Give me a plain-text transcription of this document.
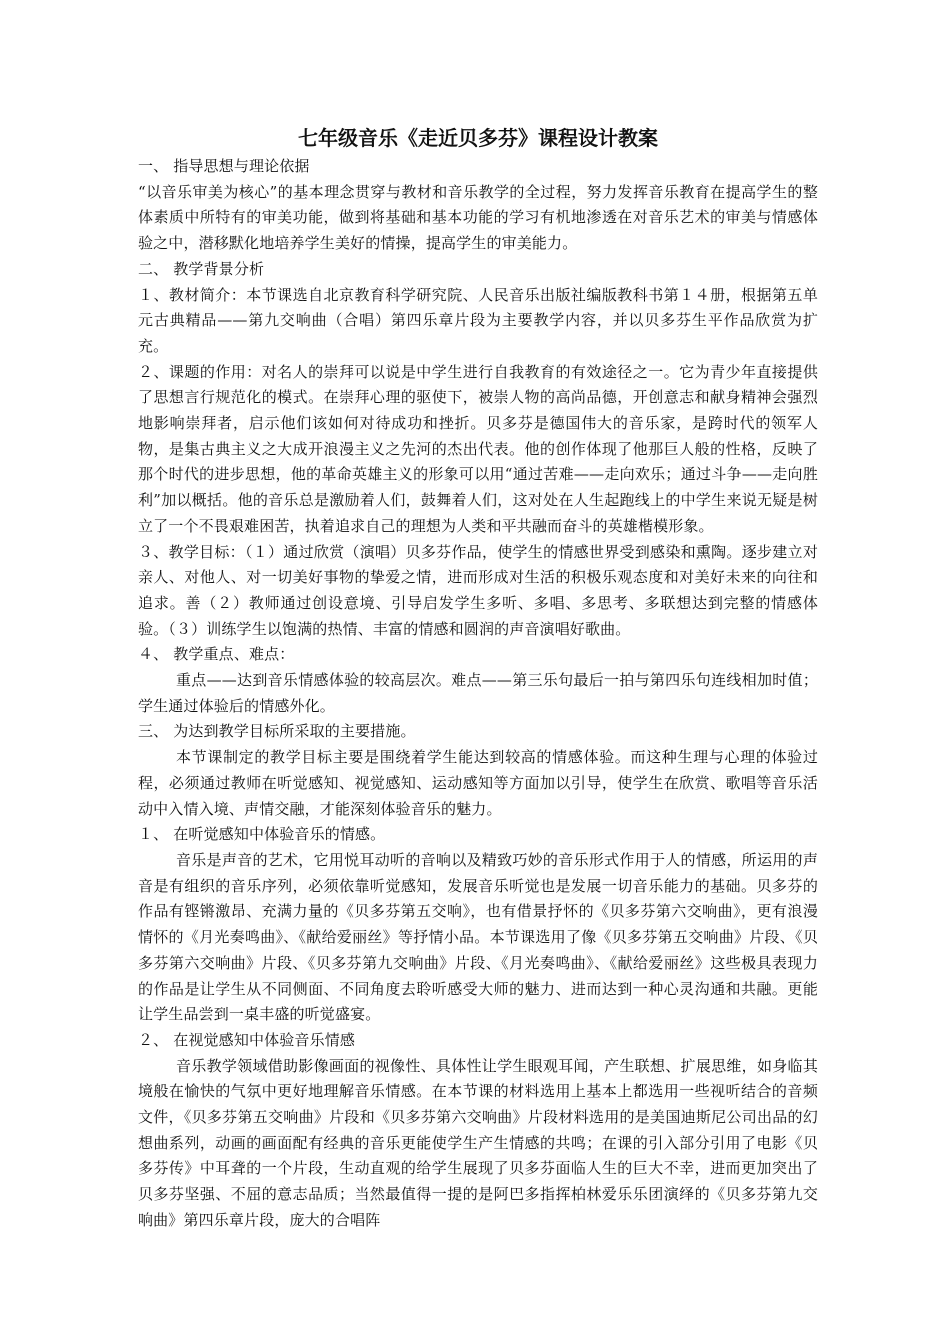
七年级音乐《走近贝多芬》课程设计教案

一、 指导思想与理论依据

“以音乐审美为核心”的基本理念贯穿与教材和音乐教学的全过程，努力发挥音乐教育在提高学生的整体素质中所特有的审美功能，做到将基础和基本功能的学习有机地渗透在对音乐艺术的审美与情感体验之中，潜移默化地培养学生美好的情操，提高学生的审美能力。

二、 教学背景分析

１、教材简介：本节课选自北京教育科学研究院、人民音乐出版社编版教科书第１４册，根据第五单元古典精品——第九交响曲（合唱）第四乐章片段为主要教学内容，并以贝多芬生平作品欣赏为扩充。

２、课题的作用：对名人的崇拜可以说是中学生进行自我教育的有效途径之一。它为青少年直接提供了思想言行规范化的模式。在崇拜心理的驱使下，被崇人物的高尚品德，开创意志和献身精神会强烈地影响崇拜者，启示他们该如何对待成功和挫折。贝多芬是德国伟大的音乐家，是跨时代的领军人物，是集古典主义之大成开浪漫主义之先河的杰出代表。他的创作体现了他那巨人般的性格，反映了那个时代的进步思想，他的革命英雄主义的形象可以用“通过苦难——走向欢乐；通过斗争——走向胜利”加以概括。他的音乐总是激励着人们，鼓舞着人们，这对处在人生起跑线上的中学生来说无疑是树立了一个不畏艰难困苦，执着追求自己的理想为人类和平共融而奋斗的英雄楷模形象。

３、教学目标：（１）通过欣赏（演唱）贝多芬作品，使学生的情感世界受到感染和熏陶。逐步建立对亲人、对他人、对一切美好事物的挚爱之情，进而形成对生活的积极乐观态度和对美好未来的向往和追求。善（２）教师通过创设意境、引导启发学生多听、多唱、多思考、多联想达到完整的情感体验。（３）训练学生以饱满的热情、丰富的情感和圆润的声音演唱好歌曲。

４、 教学重点、难点：

重点——达到音乐情感体验的较高层次。难点——第三乐句最后一拍与第四乐句连线相加时值；学生通过体验后的情感外化。

三、 为达到教学目标所采取的主要措施。

本节课制定的教学目标主要是围绕着学生能达到较高的情感体验。而这种生理与心理的体验过程，必须通过教师在听觉感知、视觉感知、运动感知等方面加以引导，使学生在欣赏、歌唱等音乐活动中入情入境、声情交融，才能深刻体验音乐的魅力。

１、 在听觉感知中体验音乐的情感。

音乐是声音的艺术，它用悦耳动听的音响以及精致巧妙的音乐形式作用于人的情感，所运用的声音是有组织的音乐序列，必须依靠听觉感知，发展音乐听觉也是发展一切音乐能力的基础。贝多芬的作品有铿锵激昂、充满力量的《贝多芬第五交响》，也有借景抒怀的《贝多芬第六交响曲》，更有浪漫情怀的《月光奏鸣曲》、《献给爱丽丝》等抒情小品。本节课选用了像《贝多芬第五交响曲》片段、《贝多芬第六交响曲》片段、《贝多芬第九交响曲》片段、《月光奏鸣曲》、《献给爱丽丝》这些极具表现力的作品是让学生从不同侧面、不同角度去聆听感受大师的魅力、进而达到一种心灵沟通和共融。更能让学生品尝到一桌丰盛的听觉盛宴。

２、 在视觉感知中体验音乐情感

音乐教学领域借助影像画面的视像性、具体性让学生眼观耳闻，产生联想、扩展思维，如身临其境般在愉快的气氛中更好地理解音乐情感。在本节课的材料选用上基本上都选用一些视听结合的音频文件，《贝多芬第五交响曲》片段和《贝多芬第六交响曲》片段材料选用的是美国迪斯尼公司出品的幻想曲系列，动画的画面配有经典的音乐更能使学生产生情感的共鸣；在课的引入部分引用了电影《贝多芬传》中耳聋的一个片段，生动直观的给学生展现了贝多芬面临人生的巨大不幸，进而更加突出了贝多芬坚强、不屈的意志品质；当然最值得一提的是阿巴多指挥柏林爱乐乐团演绎的《贝多芬第九交响曲》第四乐章片段，庞大的合唱阵
